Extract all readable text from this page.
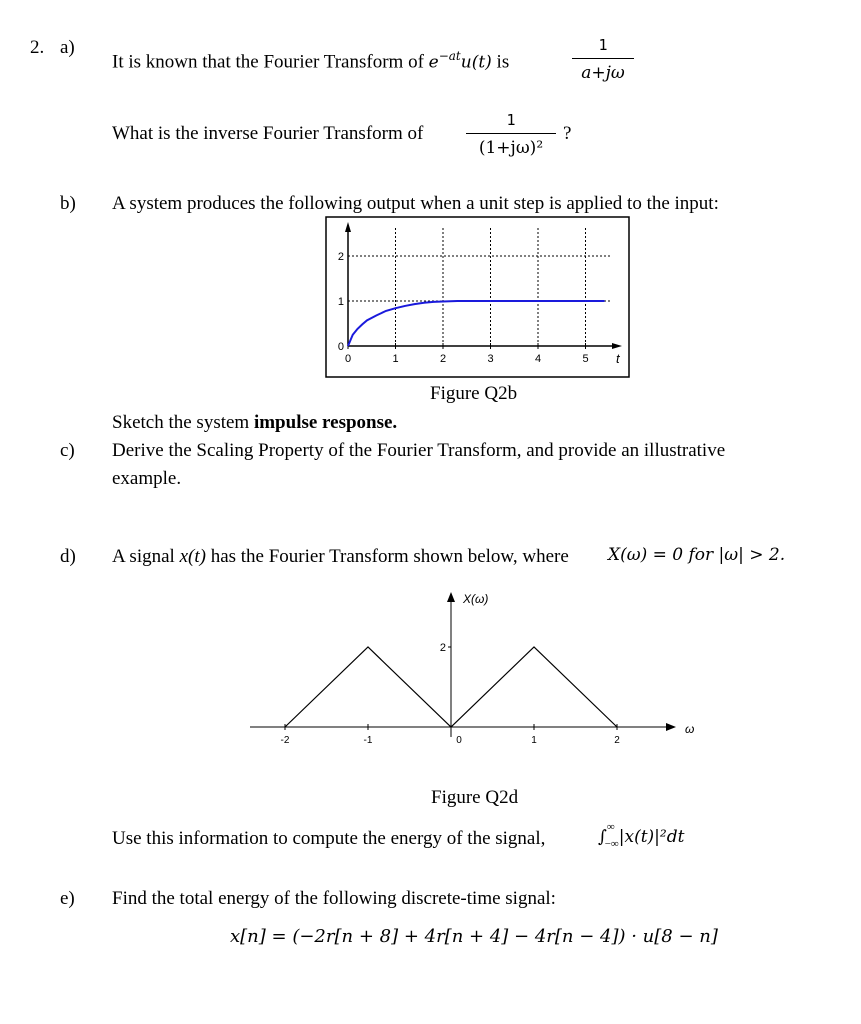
2. a)
It is known that the Fourier Transform of $e^{-at}u(t)$ is
1
a+jω
What is the inverse Fourier Transform of
1
(1+jω)²
?
b) A system produces the following output when a unit step is applied to the input:
0	1	2	3	4	5
0
1
2
t
Figure Q2b
Sketch the system impulse response.
c) Derive the Scaling Property of the Fourier Transform, and provide an illustrative
example.
d) A signal x(t) has the Fourier Transform shown below, where X(ω) = 0 for |ω| > 2.
-2	-1	0	1	2
2
X(ω)
ω
Figure Q2d
Use this information to compute the energy of the signal,	$\int^\infty_{-\infty}|x(t)|^2dt$
e) Find the total energy of the following discrete-time signal:
x[n] = (−2r[n + 8] + 4r[n + 4] − 4r[n − 4]) · u[8 − n]
